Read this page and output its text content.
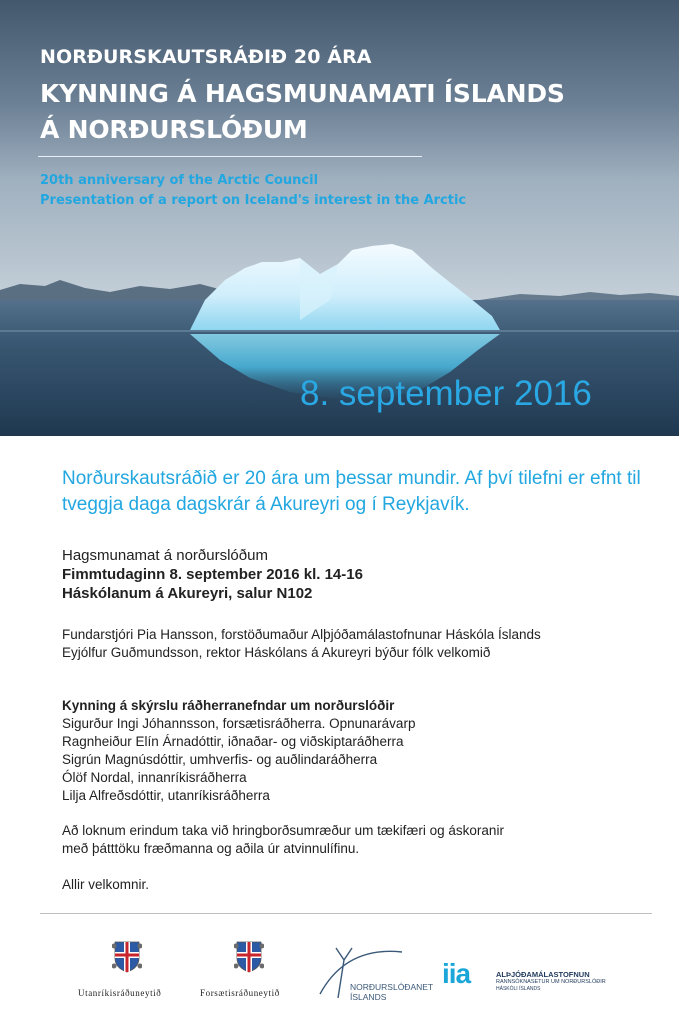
NORÐURSKAUTSRÁÐIÐ 20 ÁRA
KYNNING Á HAGSMUNAMATI ÍSLANDS
Á NORÐURSLÓÐUM
20th anniversary of the Arctic Council
Presentation of a report on Iceland's interest in the Arctic
8. september 2016
Norðurskautsráðið er 20 ára um þessar mundir. Af því tilefni er efnt til tveggja daga dagskrár á Akureyri og í Reykjavík.
Hagsmunamat á norðurslóðum
Fimmtudaginn 8. september 2016 kl. 14-16
Háskólanum á Akureyri, salur N102
Fundarstjóri Pia Hansson, forstöðumaður Alþjóðamálastofnunar Háskóla Íslands
Eyjólfur Guðmundsson, rektor Háskólans á Akureyri býður fólk velkomið
Kynning á skýrslu ráðherranefndar um norðurslóðir
Sigurður Ingi Jóhannsson, forsætisráðherra. Opnunarávarp
Ragnheiður Elín Árnadóttir, iðnaðar- og viðskiptaráðherra
Sigrún Magnúsdóttir, umhverfis- og auðlindaráðherra
Ólöf Nordal, innanríkisráðherra
Lilja Alfreðsdóttir, utanríkisráðherra
Að loknum erindum taka við hringborðsumræður um tækifæri og áskoranir
með þátttöku fræðmanna og aðila úr atvinnulífinu.
Allir velkomnir.
Utanríkisráðuneytið	Forsætisráðuneytið
NORÐURSLÓÐANET
ÍSLANDS
iia	ALÞJÓÐAMÁLASTOFNUN
RANNSÓKNASETUR UM NORÐURSLÓÐIR
HÁSKÓLI ÍSLANDS
